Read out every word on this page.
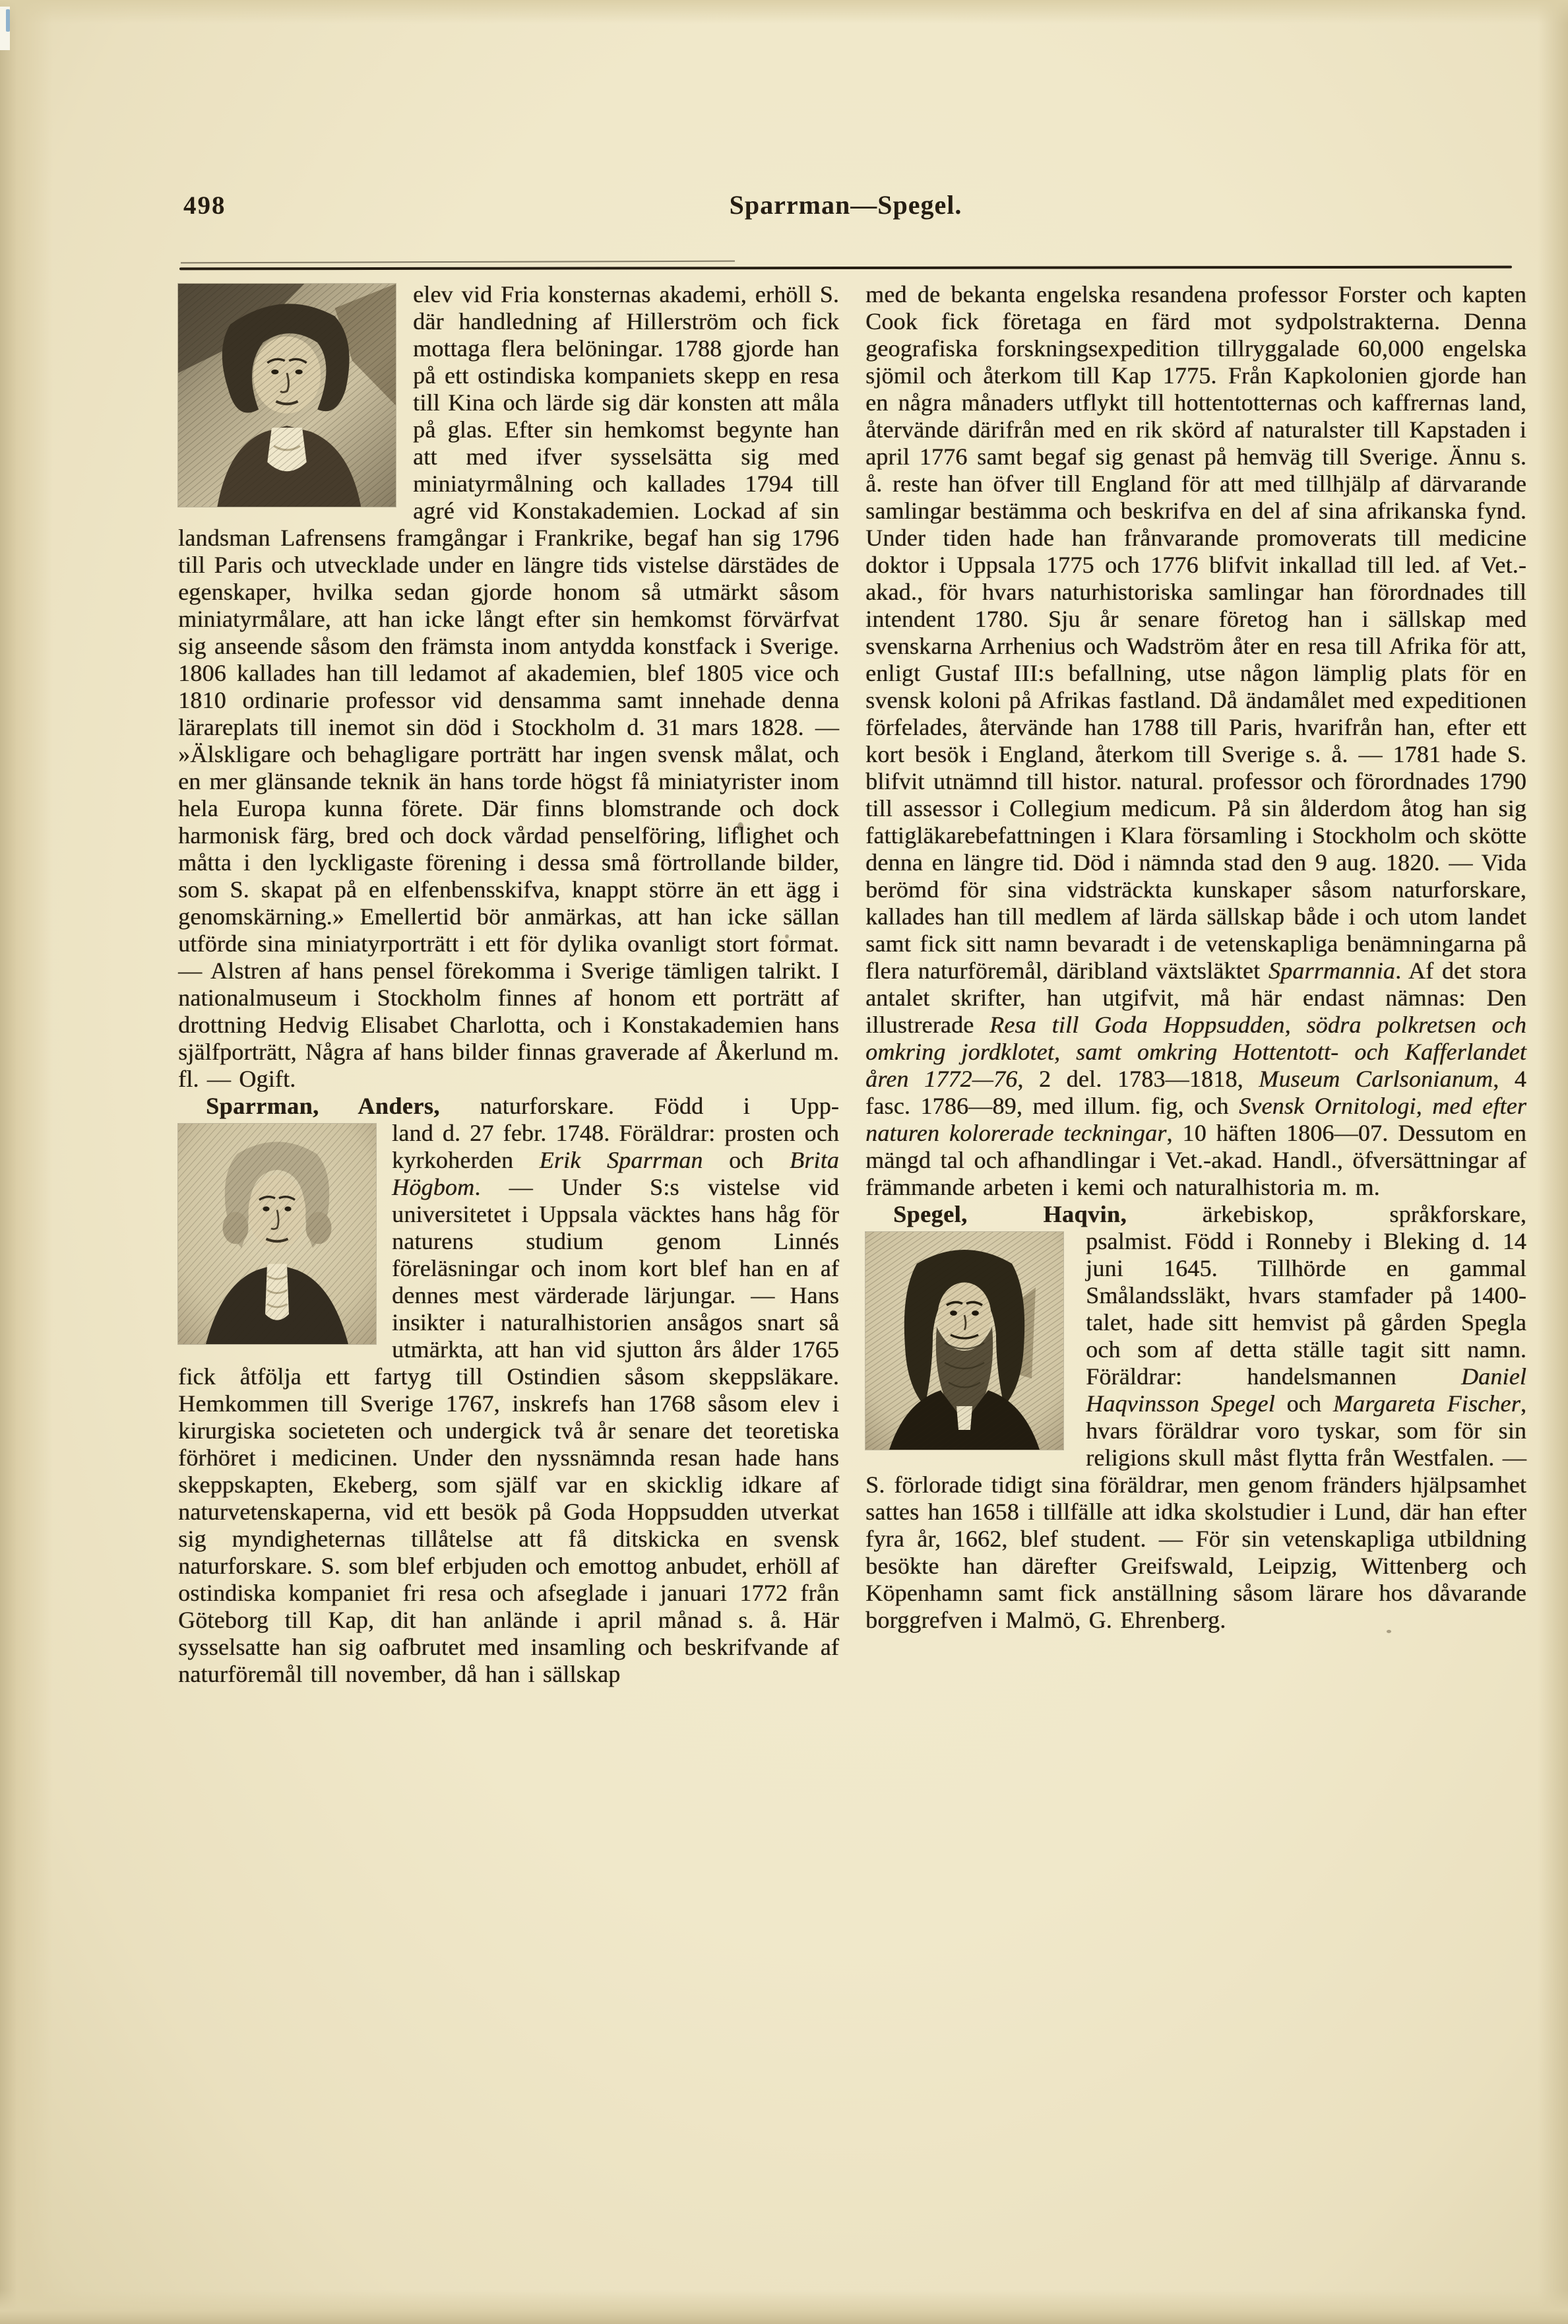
498	Sparrman—Spegel.

elev vid Fria konsternas akademi, erhöll S. där handledning af Hillerström och fick mottaga flera belöningar. 1788 gjorde han på ett ostindiska kompaniets skepp en resa till Kina och lärde sig där konsten att måla på glas. Efter sin hemkomst begynte han att med ifver sysselsätta sig med miniatyrmålning och kallades 1794 till agré vid Konstakademien. Lockad af sin landsman Lafrensens framgångar i Frankrike, begaf han sig 1796 till Paris och utvecklade under en längre tids vistelse därstädes de egenskaper, hvilka sedan gjorde honom så utmärkt såsom miniatyrmålare, att han icke långt efter sin hemkomst förvärfvat sig anseende såsom den främsta inom antydda konstfack i Sverige. 1806 kallades han till ledamot af akademien, blef 1805 vice och 1810 ordinarie professor vid densamma samt innehade denna lärareplats till inemot sin död i Stockholm d. 31 mars 1828. — »Älskligare och behagligare porträtt har ingen svensk målat, och en mer glänsande teknik än hans torde högst få miniatyrister inom hela Europa kunna förete. Där finns blomstrande och dock harmonisk färg, bred och dock vårdad penselföring, liflighet och måtta i den lyckligaste förening i dessa små förtrollande bilder, som S. skapat på en elfenbensskifva, knappt större än ett ägg i genomskärning.» Emellertid bör anmärkas, att han icke sällan utförde sina miniatyrporträtt i ett för dylika ovanligt stort format. — Alstren af hans pensel förekomma i Sverige tämligen talrikt. I nationalmuseum i Stockholm finnes af honom ett porträtt af drottning Hedvig Elisabet Charlotta, och i Konstakademien hans själfporträtt, Några af hans bilder finnas graverade af Åkerlund m. fl. — Ogift.

Sparrman, Anders, naturforskare. Född i Upp-

land d. 27 febr. 1748. Föräldrar: prosten och kyrkoherden Erik Sparrman och Brita Högbom. — Under S:s vistelse vid universitetet i Uppsala väcktes hans håg för naturens studium genom Linnés föreläsningar och inom kort blef han en af dennes mest värderade lärjungar. — Hans insikter i naturalhistorien ansågos snart så utmärkta, att han vid sjutton års ålder 1765 fick åtfölja ett fartyg till Ostindien såsom skeppsläkare. Hemkommen till Sverige 1767, inskrefs han 1768 såsom elev i kirurgiska societeten och undergick två år senare det teoretiska förhöret i medicinen. Under den nyssnämnda resan hade hans skeppskapten, Ekeberg, som själf var en skicklig idkare af naturvetenskaperna, vid ett besök på Goda Hoppsudden utverkat sig myndigheternas tillåtelse att få ditskicka en svensk naturforskare. S. som blef erbjuden och emottog anbudet, erhöll af ostindiska kompaniet fri resa och afseglade i januari 1772 från Göteborg till Kap, dit han anlände i april månad s. å. Här sysselsatte han sig oafbrutet med insamling och beskrifvande af naturföremål till november, då han i sällskap

med de bekanta engelska resandena professor Forster och kapten Cook fick företaga en färd mot sydpolstrakterna. Denna geografiska forskningsexpedition tillryggalade 60,000 engelska sjömil och återkom till Kap 1775. Från Kapkolonien gjorde han en några månaders utflykt till hottentotternas och kaffrernas land, återvände därifrån med en rik skörd af naturalster till Kapstaden i april 1776 samt begaf sig genast på hemväg till Sverige. Ännu s. å. reste han öfver till England för att med tillhjälp af därvarande samlingar bestämma och beskrifva en del af sina afrikanska fynd. Under tiden hade han frånvarande promoverats till medicine doktor i Uppsala 1775 och 1776 blifvit inkallad till led. af Vet.-akad., för hvars naturhistoriska samlingar han förordnades till intendent 1780. Sju år senare företog han i sällskap med svenskarna Arrhenius och Wadström åter en resa till Afrika för att, enligt Gustaf III:s befallning, utse någon lämplig plats för en svensk koloni på Afrikas fastland. Då ändamålet med expeditionen förfelades, återvände han 1788 till Paris, hvarifrån han, efter ett kort besök i England, återkom till Sverige s. å. — 1781 hade S. blifvit utnämnd till histor. natural. professor och förordnades 1790 till assessor i Collegium medicum. På sin ålderdom åtog han sig fattigläkarebefattningen i Klara församling i Stockholm och skötte denna en längre tid. Död i nämnda stad den 9 aug. 1820. — Vida berömd för sina vidsträckta kunskaper såsom naturforskare, kallades han till medlem af lärda sällskap både i och utom landet samt fick sitt namn bevaradt i de vetenskapliga benämningarna på flera naturföremål, däribland växtsläktet Sparrmannia. Af det stora antalet skrifter, han utgifvit, må här endast nämnas: Den illustrerade Resa till Goda Hoppsudden, södra polkretsen och omkring jordklotet, samt omkring Hottentott- och Kafferlandet åren 1772—76, 2 del. 1783—1818, Museum Carlsonianum, 4 fasc. 1786—89, med illum. fig, och Svensk Ornitologi, med efter naturen kolorerade teckningar, 10 häften 1806—07. Dessutom en mängd tal och afhandlingar i Vet.-akad. Handl., öfversättningar af främmande arbeten i kemi och naturalhistoria m. m.

Spegel, Haqvin, ärkebiskop, språkforskare,

psalmist. Född i Ronneby i Bleking d. 14 juni 1645. Tillhörde en gammal Smålandssläkt, hvars stamfader på 1400-talet, hade sitt hemvist på gården Spegla och som af detta ställe tagit sitt namn. Föräldrar: handelsmannen Daniel Haqvinsson Spegel och Margareta Fischer, hvars föräldrar voro tyskar, som för sin religions skull måst flytta från Westfalen. — S. förlorade tidigt sina föräldrar, men genom fränders hjälpsamhet sattes han 1658 i tillfälle att idka skolstudier i Lund, där han efter fyra år, 1662, blef student. — För sin vetenskapliga utbildning besökte han därefter Greifswald, Leipzig, Wittenberg och Köpenhamn samt fick anställning såsom lärare hos dåvarande borggrefven i Malmö, G. Ehrenberg.
